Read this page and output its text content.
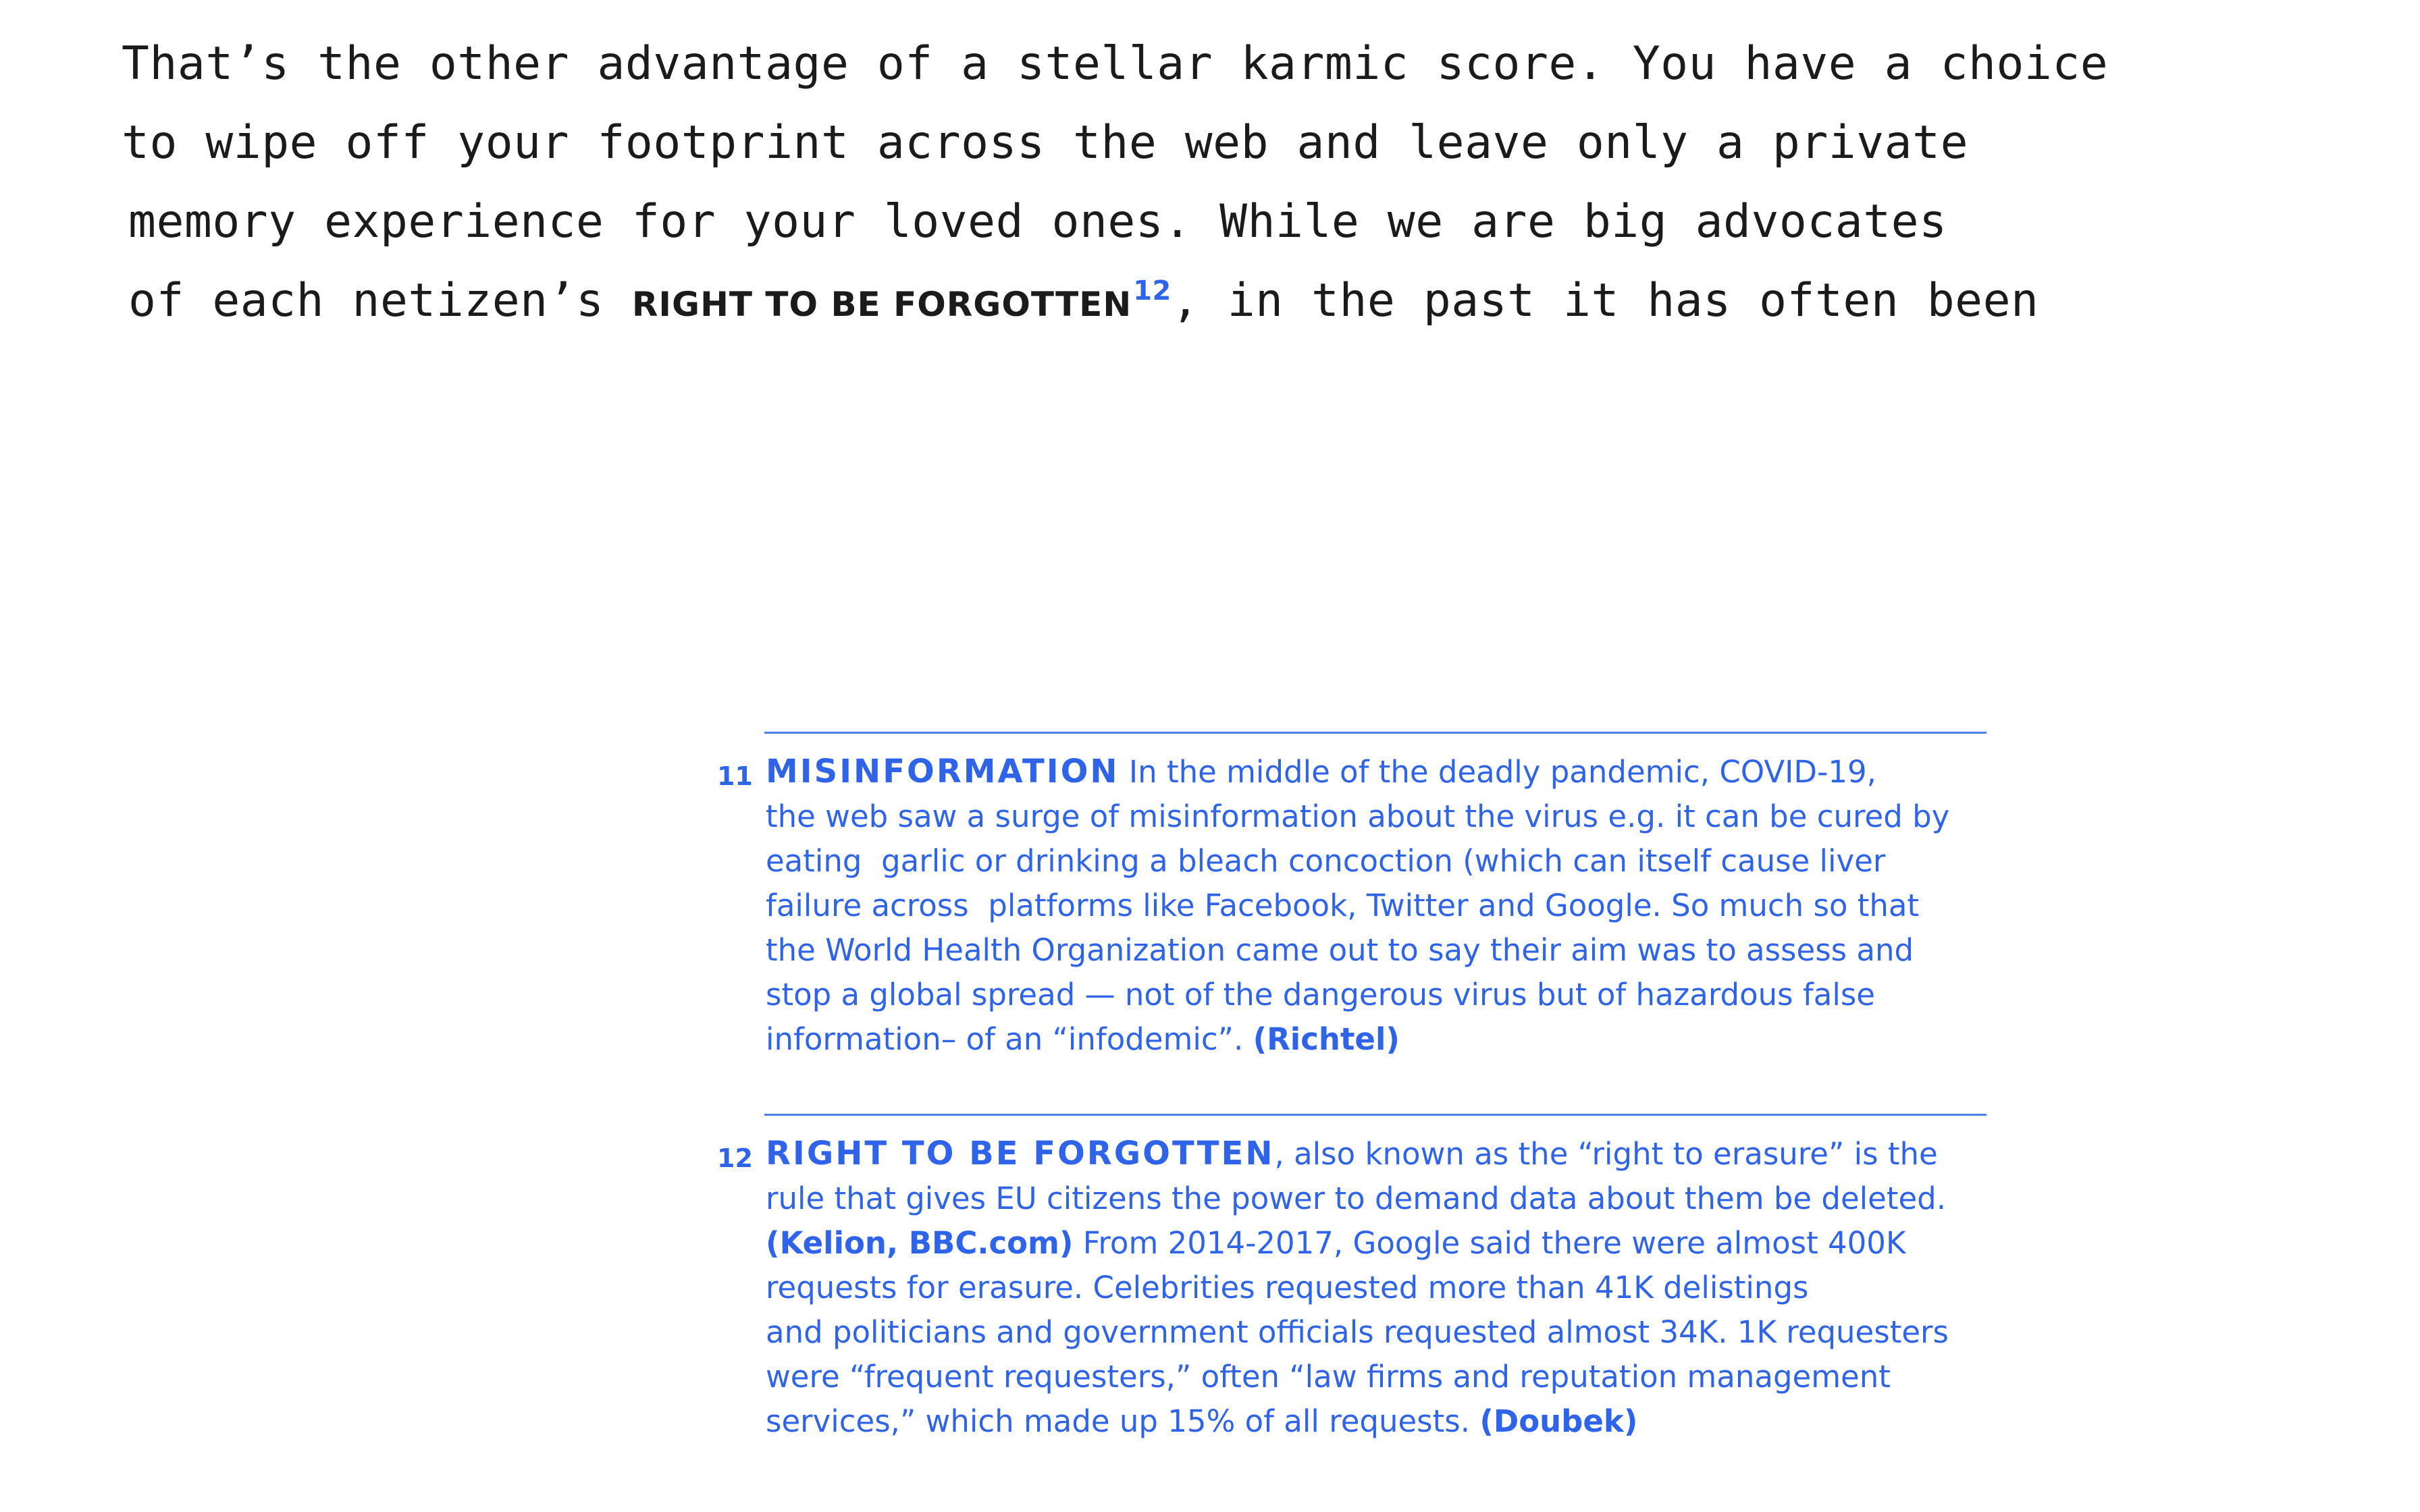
That’s the other advantage of a stellar karmic score. You have a choice
to wipe off your footprint across the web and leave only a private
memory experience for your loved ones. While we are big advocates
of each netizen’s RIGHT TO BE FORGOTTEN$^{12}$, in the past it has often been
11 MISINFORMATION In the middle of the deadly pandemic, COVID-19,
the web saw a surge of misinformation about the virus e.g. it can be cured by
eating  garlic or drinking a bleach concoction (which can itself cause liver
failure across  platforms like Facebook, Twitter and Google. So much so that
the World Health Organization came out to say their aim was to assess and
stop a global spread — not of the dangerous virus but of hazardous false
information– of an “infodemic”. (Richtel)
12 RIGHT TO BE FORGOTTEN, also known as the “right to erasure” is the
rule that gives EU citizens the power to demand data about them be deleted.
(Kelion, BBC.com) From 2014-2017, Google said there were almost 400K
requests for erasure. Celebrities requested more than 41K delistings
and politicians and government officials requested almost 34K. 1K requesters
were “frequent requesters,” often “law firms and reputation management
services,” which made up 15% of all requests. (Doubek)
